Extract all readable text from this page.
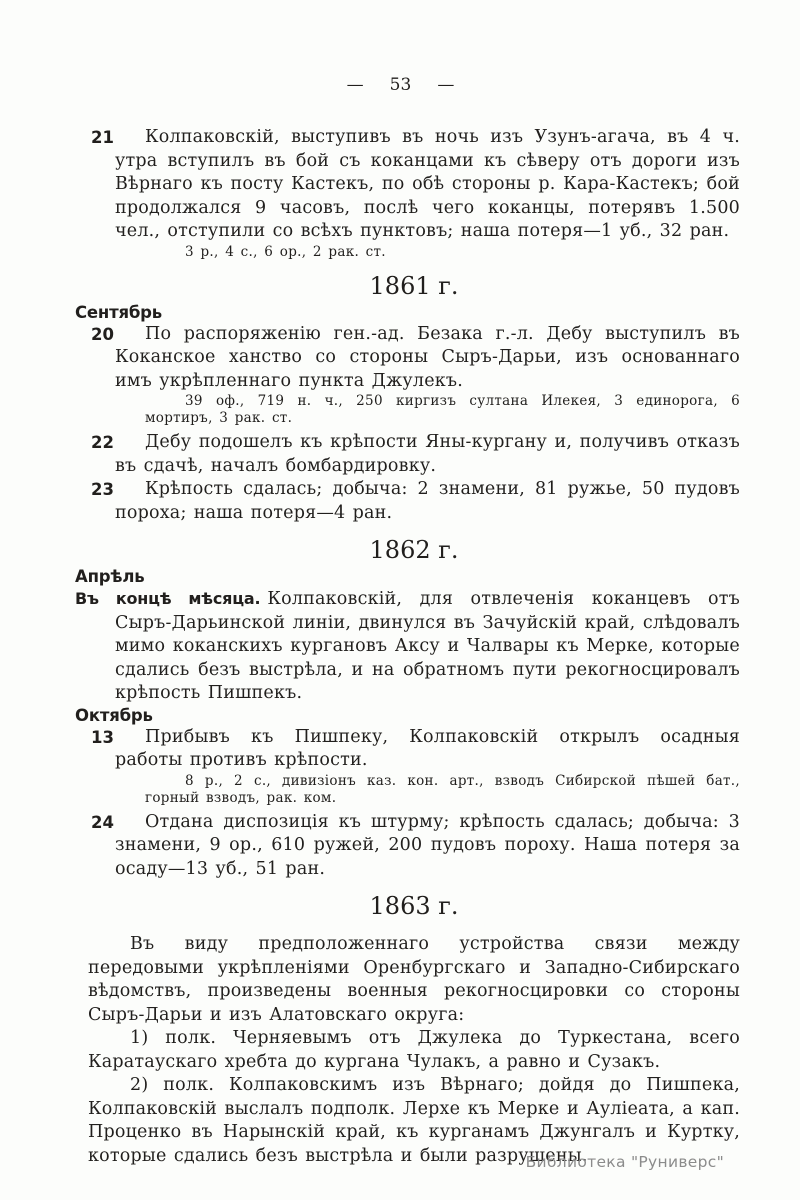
— 53 —
21	Колпаковскій, выступивъ въ ночь изъ Узунъ-агача, въ 4 ч. утра вступилъ въ бой съ коканцами къ сѣверу отъ дороги изъ Вѣрнаго къ посту Кастекъ, по обѣ стороны р. Кара-Кастекъ; бой продолжался 9 часовъ, послѣ чего коканцы, потерявъ 1.500 чел., отступили со всѣхъ пунктовъ; наша потеря—1 уб., 32 ран.

3 р., 4 с., 6 ор., 2 рак. ст.

1861 г.
Сентябрь
20	По распоряженію ген.-ад. Безака г.-л. Дебу выступилъ въ Коканское ханство со стороны Сыръ-Дарьи, изъ основаннаго имъ укрѣпленнаго пункта Джулекъ.

39 оф., 719 н. ч., 250 киргизъ султана Илекея, 3 единорога, 6 мортиръ, 3 рак. ст.

22	Дебу подошелъ къ крѣпости Яны-кургану и, получивъ отказъ въ сдачѣ, началъ бомбардировку.

23	Крѣпость сдалась; добыча: 2 знамени, 81 ружье, 50 пудовъ пороха; наша потеря—4 ран.

1862 г.
Апрѣль

Въ концѣ мѣсяца. Колпаковскій, для отвлеченія коканцевъ отъ Сыръ-Дарьинской линіи, двинулся въ Зачуйскій край, слѣдовалъ мимо коканскихъ кургановъ Аксу и Чалвары къ Мерке, которые сдались безъ выстрѣла, и на обратномъ пути рекогносцировалъ крѣпость Пишпекъ.

Октябрь
13	Прибывъ къ Пишпеку, Колпаковскій открылъ осадныя работы противъ крѣпости.

8 р., 2 с., дивизіонъ каз. кон. арт., взводъ Сибирской пѣшей бат., горный взводъ, рак. ком.

24	Отдана диспозиція къ штурму; крѣпость сдалась; добыча: 3 знамени, 9 ор., 610 ружей, 200 пудовъ пороху. Наша потеря за осаду—13 уб., 51 ран.

1863 г.

Въ виду предположеннаго устройства связи между передовыми укрѣпленіями Оренбургскаго и Западно-Сибирскаго вѣдомствъ, произведены военныя рекогносцировки со стороны Сыръ-Дарьи и изъ Алатовскаго округа:

1) полк. Черняевымъ отъ Джулека до Туркестана, всего Каратаускаго хребта до кургана Чулакъ, а равно и Сузакъ.

2) полк. Колпаковскимъ изъ Вѣрнаго; дойдя до Пишпека, Колпаковскій выслалъ подполк. Лерхе къ Мерке и Ауліеата, а кап. Проценко въ Нарынскій край, къ курганамъ Джунгалъ и Куртку, которые сдались безъ выстрѣла и были разрушены.

Библиотека "Руниверс"
